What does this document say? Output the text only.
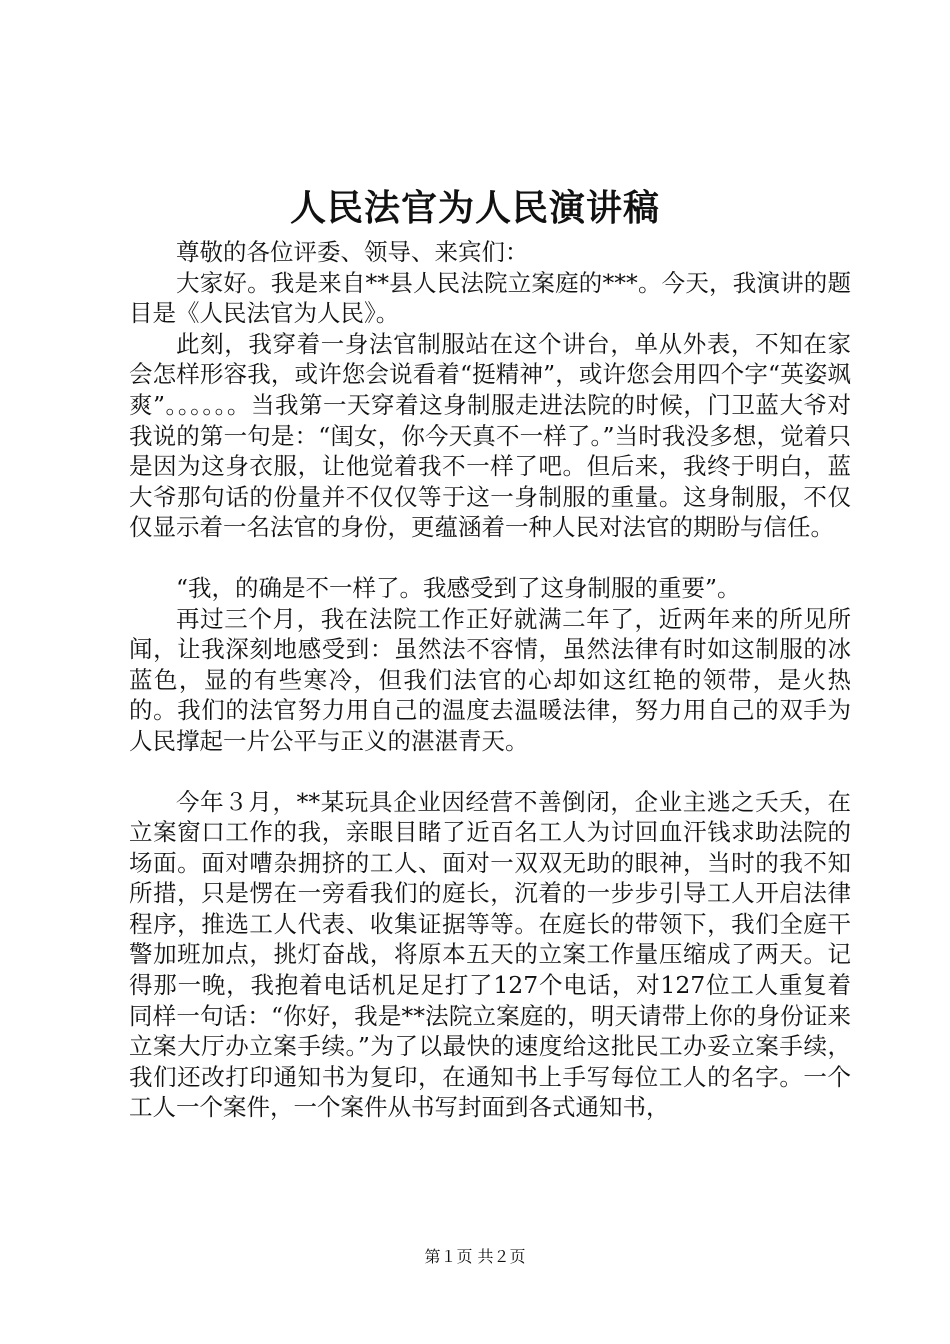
人民法官为人民演讲稿

尊敬的各位评委、领导、来宾们：

大家好。我是来自**县人民法院立案庭的***。今天，我演讲的题目是《人民法官为人民》。

此刻，我穿着一身法官制服站在这个讲台，单从外表，不知在家会怎样形容我，或许您会说看着“挺精神”，或许您会用四个字“英姿飒爽”。。。。。。当我第一天穿着这身制服走进法院的时候，门卫蓝大爷对我说的第一句是：“闺女，你今天真不一样了。”当时我没多想，觉着只是因为这身衣服，让他觉着我不一样了吧。但后来，我终于明白，蓝大爷那句话的份量并不仅仅等于这一身制服的重量。这身制服，不仅仅显示着一名法官的身份，更蕴涵着一种人民对法官的期盼与信任。

“我，的确是不一样了。我感受到了这身制服的重要”。

再过三个月，我在法院工作正好就满二年了，近两年来的所见所闻，让我深刻地感受到：虽然法不容情，虽然法律有时如这制服的冰蓝色，显的有些寒冷，但我们法官的心却如这红艳的领带，是火热的。我们的法官努力用自己的温度去温暖法律，努力用自己的双手为人民撑起一片公平与正义的湛湛青天。

今年３月，**某玩具企业因经营不善倒闭，企业主逃之夭夭，在立案窗口工作的我，亲眼目睹了近百名工人为讨回血汗钱求助法院的场面。面对嘈杂拥挤的工人、面对一双双无助的眼神，当时的我不知所措，只是愣在一旁看我们的庭长，沉着的一步步引导工人开启法律程序，推选工人代表、收集证据等等。在庭长的带领下，我们全庭干警加班加点，挑灯奋战，将原本五天的立案工作量压缩成了两天。记得那一晚，我抱着电话机足足打了127个电话，对127位工人重复着同样一句话：“你好，我是**法院立案庭的，明天请带上你的身份证来立案大厅办立案手续。”为了以最快的速度给这批民工办妥立案手续，我们还改打印通知书为复印，在通知书上手写每位工人的名字。一个工人一个案件，一个案件从书写封面到各式通知书，

第１页 共２页
